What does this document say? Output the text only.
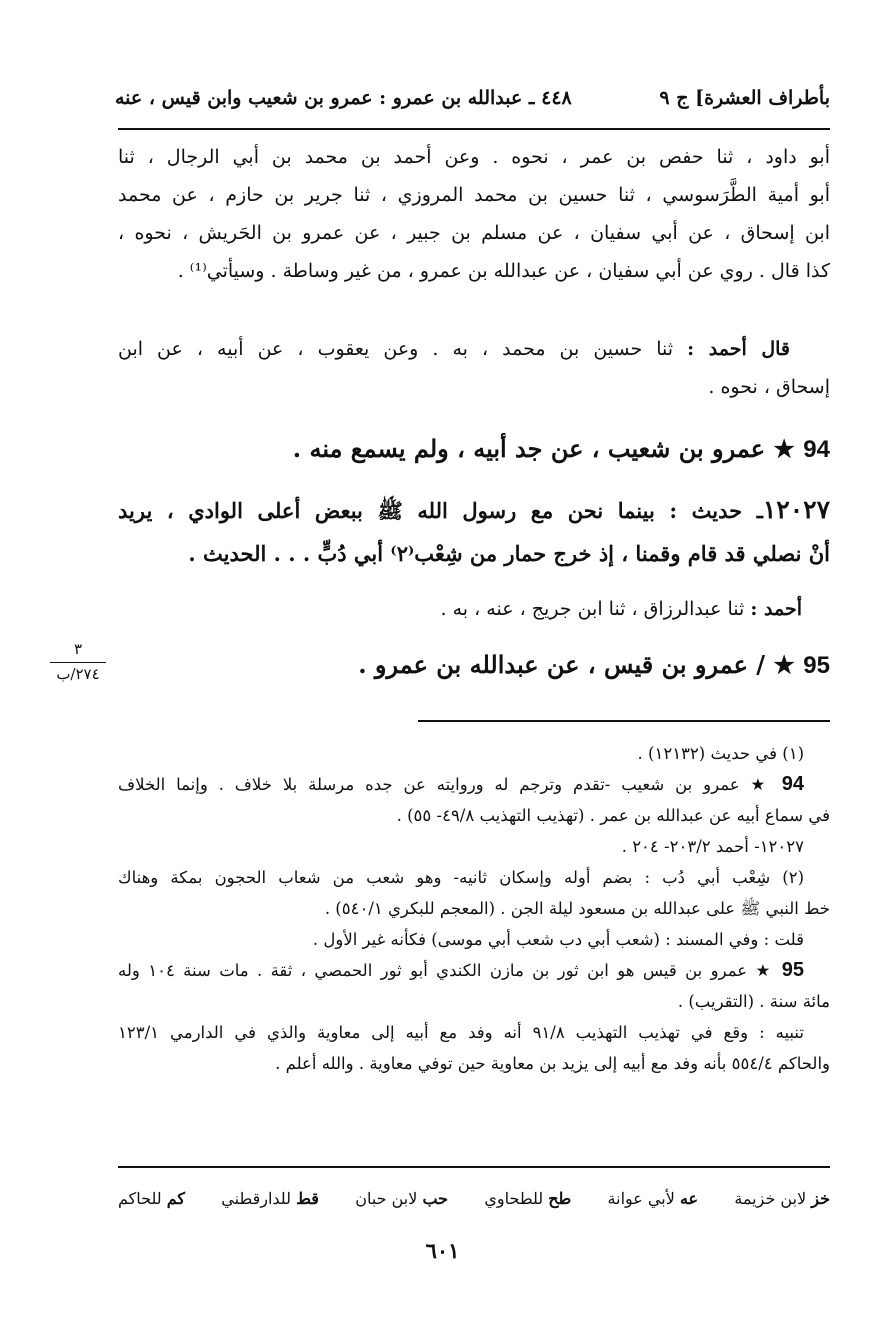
بأطراف العشرة] ج ٩
٤٤٨ ـ عبدالله بن عمرو : عمرو بن شعيب وابن قيس ، عنه
أبو داود ، ثنا حفص بن عمر ، نحوه . وعن أحمد بن محمد بن أبي الرجال ، ثنا
أبو أمية الطَّرَسوسي ، ثنا حسين بن محمد المروزي ، ثنا جرير بن حازم ، عن محمد
ابن إسحاق ، عن أبي سفيان ، عن مسلم بن جبير ، عن عمرو بن الحَريش ، نحوه ،
كذا قال . روي عن أبي سفيان ، عن عبدالله بن عمرو ، من غير وساطة . وسيأتي⁽¹⁾ .
قال أحمد : ثنا حسين بن محمد ، به . وعن يعقوب ، عن أبيه ، عن ابن
إسحاق ، نحوه .
94 ★ عمرو بن شعيب ، عن جد أبيه ، ولم يسمع منه .
١٢٠٢٧ـ حديث : بينما نحن مع رسول الله ﷺ ببعض أعلى الوادي ، يريد
أنْ نصلي قد قام وقمنا ، إذ خرج حمار من شِعْب⁽٢⁾ أبي دُبٍّ . . . الحديث .
أحمد : ثنا عبدالرزاق ، ثنا ابن جريج ، عنه ، به .
95 ★ / عمرو بن قيس ، عن عبدالله بن عمرو .
٣
٢٧٤/ب
(١) في حديث (١٢١٣٢) .
94 ★ عمرو بن شعيب -تقدم وترجم له وروايته عن جده مرسلة بلا خلاف . وإنما الخلاف
في سماع أبيه عن عبدالله بن عمر . (تهذيب التهذيب ٤٩/٨- ٥٥) .
١٢٠٢٧- أحمد ٢٠٣/٢- ٢٠٤ .
(٢) شِعْب أبي دُب : بضم أوله وإسكان ثانيه- وهو شعب من شعاب الحجون بمكة وهناك
خط النبي ﷺ على عبدالله بن مسعود ليلة الجن . (المعجم للبكري ٥٤٠/١) .
قلت : وفي المسند : (شعب أبي دب شعب أبي موسى) فكأنه غير الأول .
95 ★ عمرو بن قيس هو ابن ثور بن مازن الكندي أبو ثور الحمصي ، ثقة . مات سنة ١٠٤ وله
مائة سنة . (التقريب) .
تنبيه : وقع في تهذيب التهذيب ٩١/٨ أنه وفد مع أبيه إلى معاوية والذي في الدارمي ١٢٣/١
والحاكم ٥٥٤/٤ بأنه وفد مع أبيه إلى يزيد بن معاوية حين توفي معاوية . والله أعلم .
خز لابن خزيمة
عه لأبي عوانة
طح للطحاوي
حب لابن حبان
قط للدارقطني
كم للحاكم
٦٠١
